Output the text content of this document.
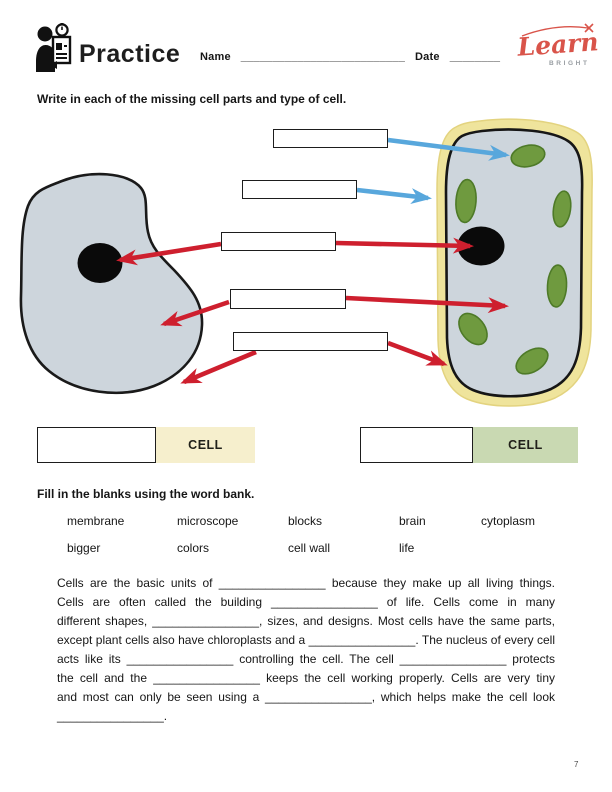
Practice Name __________________________ Date ________ Learn
BRIGHT
Write in each of the missing cell parts and type of cell.
CELL	CELL
Fill in the blanks using the word bank.
membrane	microscope	blocks	brain	cytoplasm
bigger	colors	cell wall	life
Cells are the basic units of ________________ because they make up all living things.
Cells are often called the building ________________ of life. Cells come in many
different shapes, ________________, sizes, and designs. Most cells have the same parts,
except plant cells also have chloroplasts and a ________________. The nucleus of every cell
acts like its ________________ controlling the cell. The cell ________________ protects
the cell and the ________________ keeps the cell working properly. Cells are very tiny
and most can only be seen using a ________________, which helps make the cell look
________________.
7
